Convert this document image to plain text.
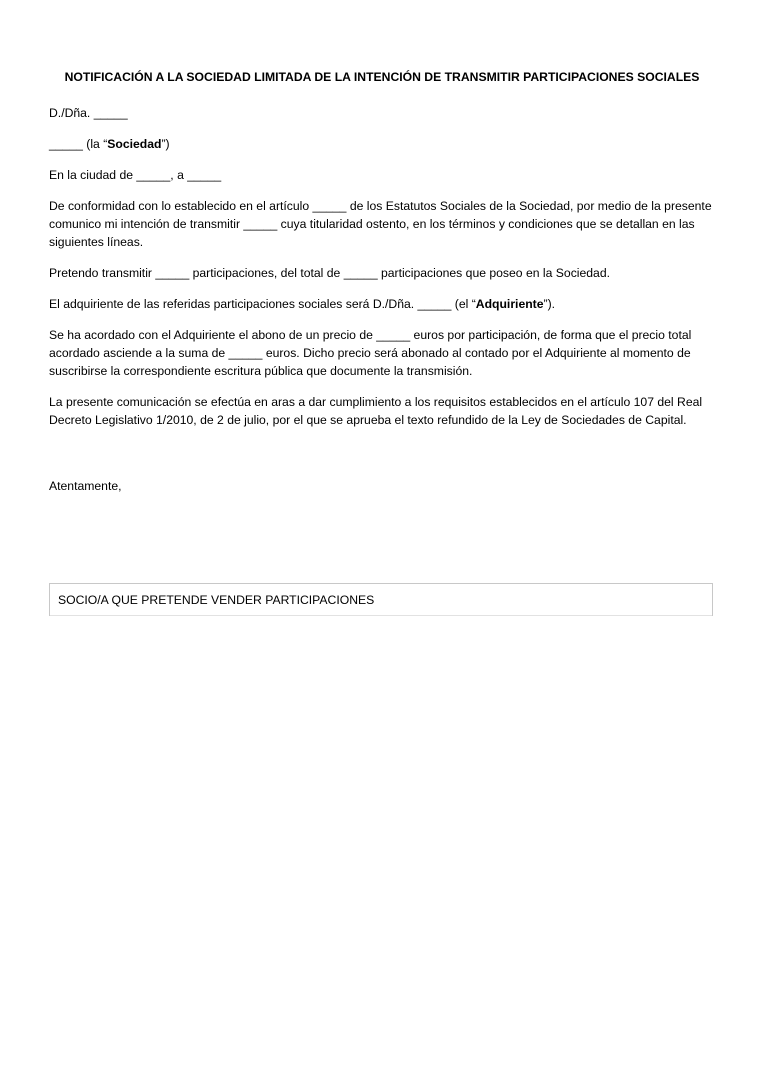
NOTIFICACIÓN A LA SOCIEDAD LIMITADA DE LA INTENCIÓN DE TRANSMITIR PARTICIPACIONES SOCIALES

D./Dña. _____

_____ (la “Sociedad”)

En la ciudad de _____, a _____

De conformidad con lo establecido en el artículo _____ de los Estatutos Sociales de la Sociedad, por medio de la presente comunico mi intención de transmitir _____ cuya titularidad ostento, en los términos y condiciones que se detallan en las siguientes líneas.

Pretendo transmitir _____ participaciones, del total de _____ participaciones que poseo en la Sociedad.

El adquiriente de las referidas participaciones sociales será D./Dña. _____ (el “Adquiriente”).

Se ha acordado con el Adquiriente el abono de un precio de _____ euros por participación, de forma que el precio total acordado asciende a la suma de _____ euros. Dicho precio será abonado al contado por el Adquiriente al momento de suscribirse la correspondiente escritura pública que documente la transmisión.

La presente comunicación se efectúa en aras a dar cumplimiento a los requisitos establecidos en el artículo 107 del Real Decreto Legislativo 1/2010, de 2 de julio, por el que se aprueba el texto refundido de la Ley de Sociedades de Capital.

Atentamente,

SOCIO/A QUE PRETENDE VENDER PARTICIPACIONES
